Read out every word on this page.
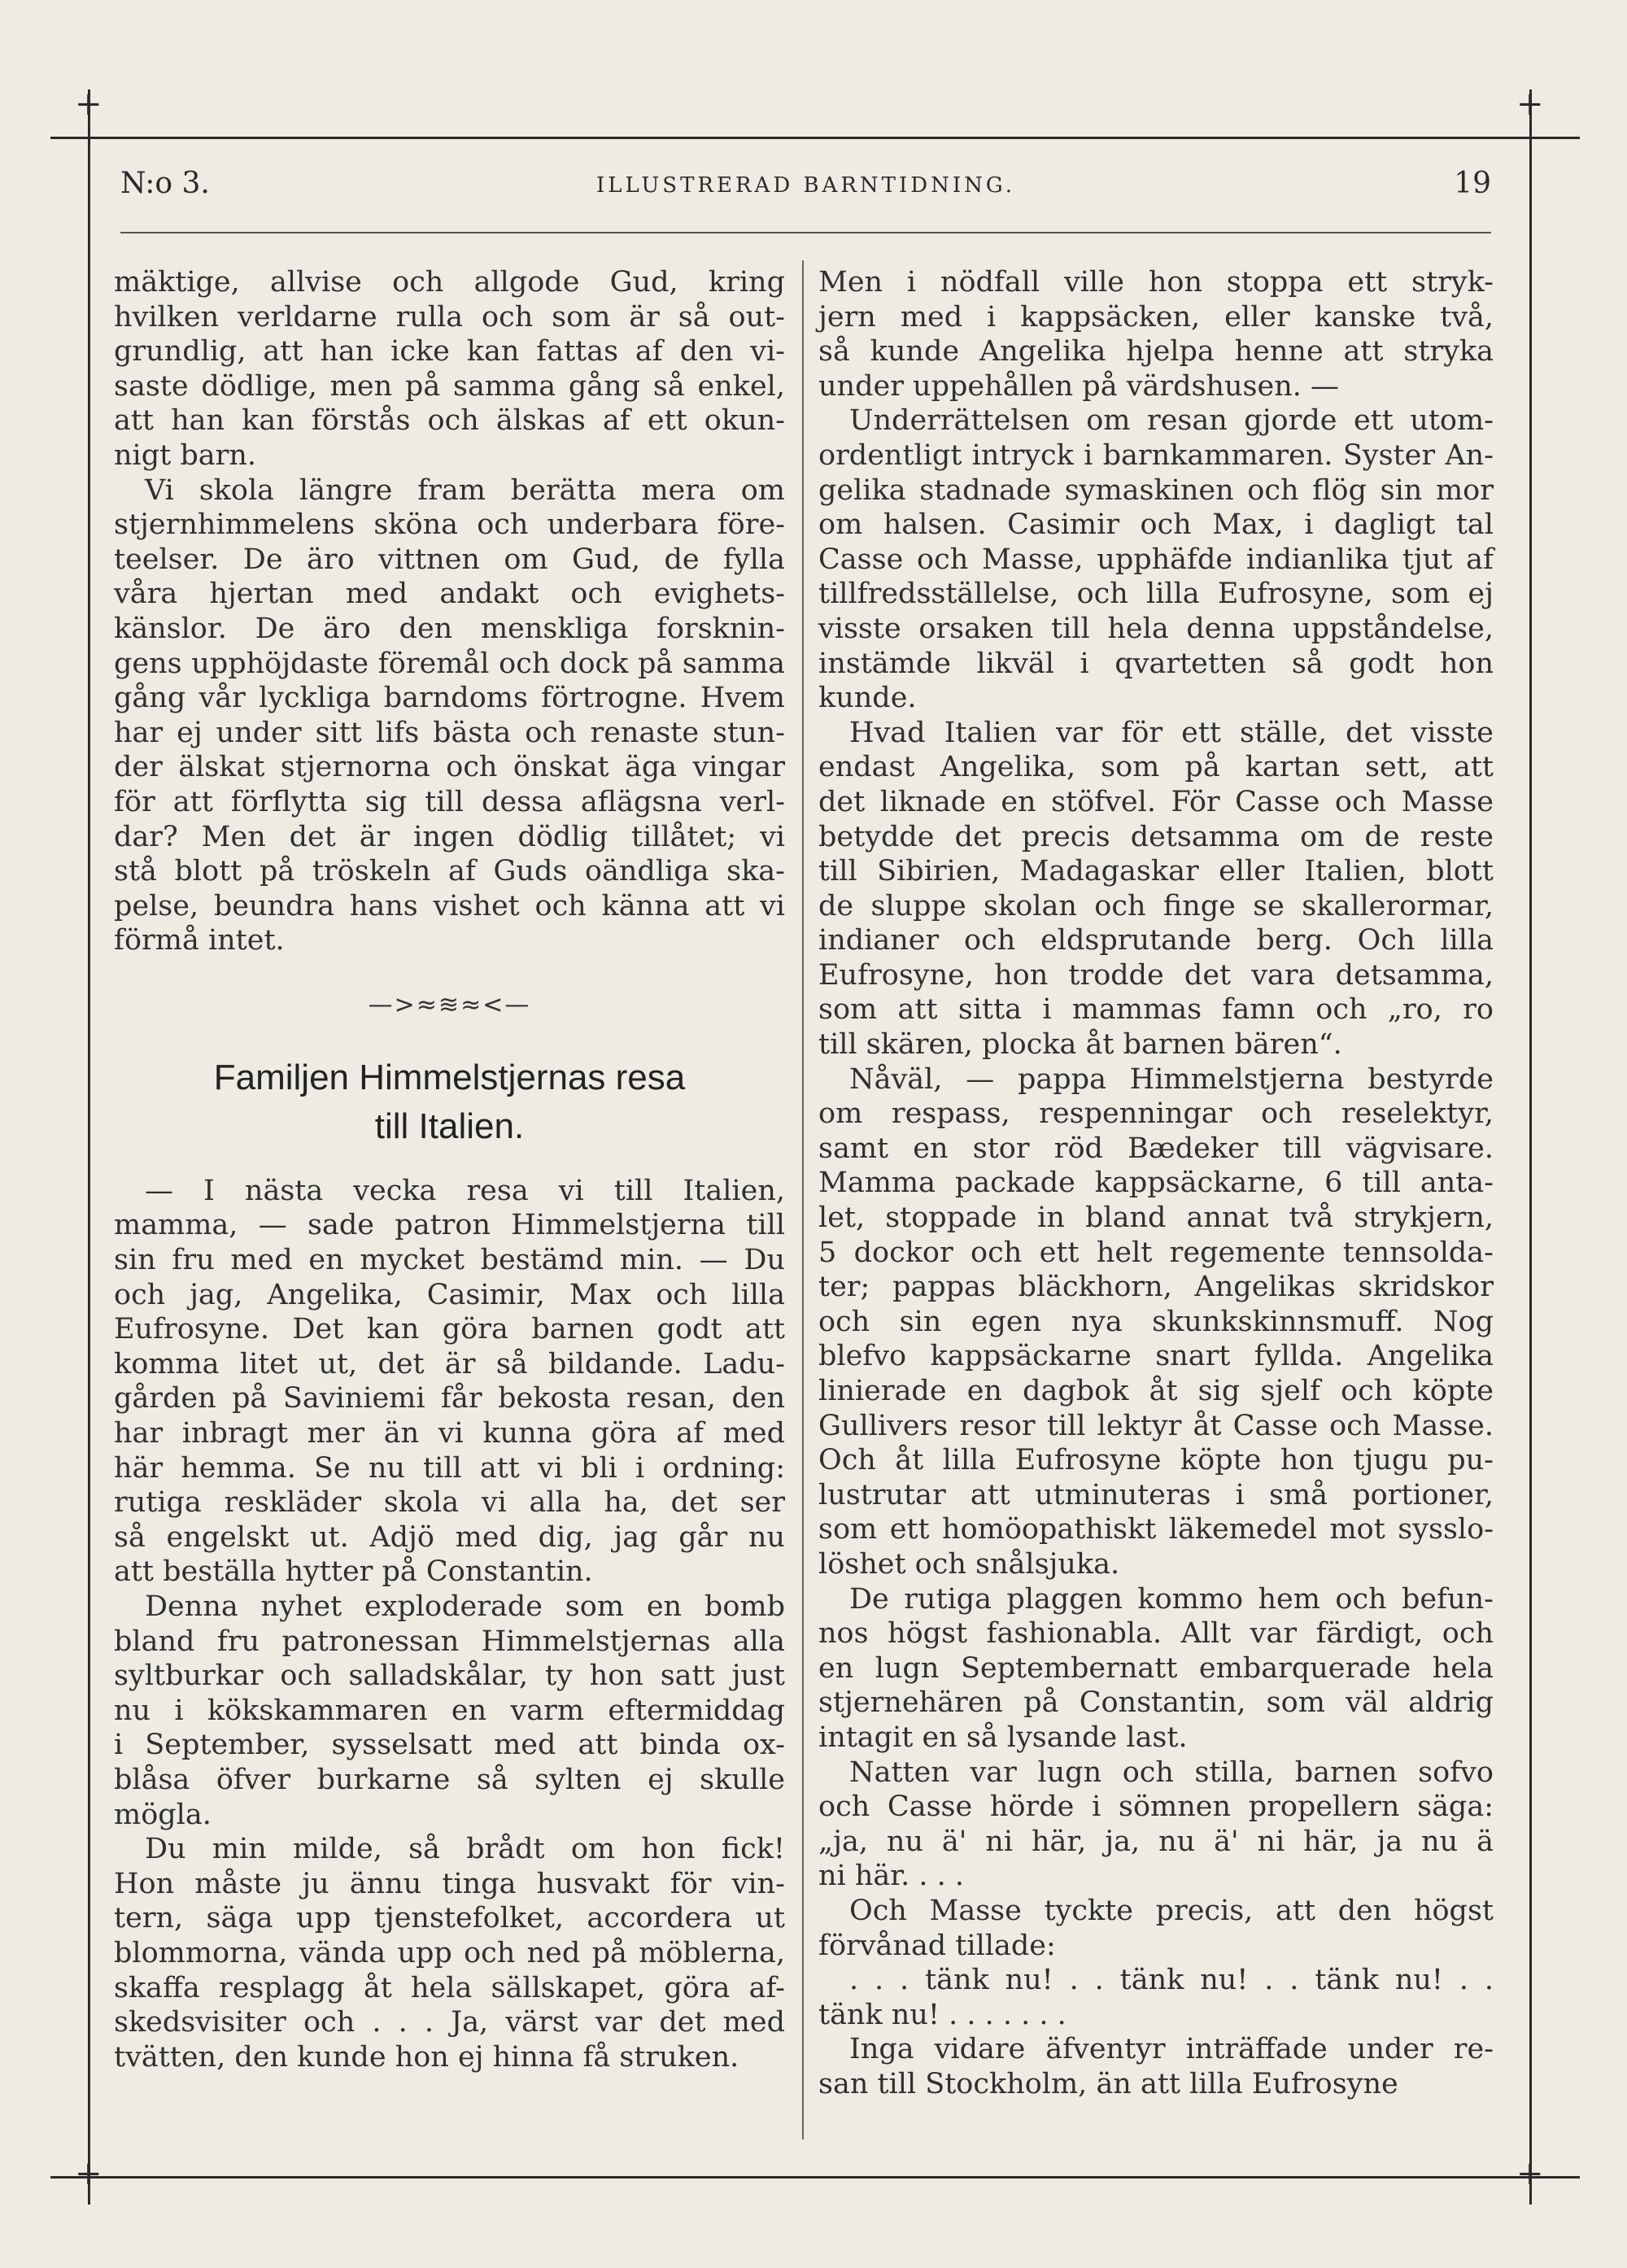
+	+
+	+
N:o 3.	ILLUSTRERAD BARNTIDNING.	19

mäktige, allvise och allgode Gud, kring

hvilken verldarne rulla och som är så out-

grundlig, att han icke kan fattas af den vi-

saste dödlige, men på samma gång så enkel,

att han kan förstås och älskas af ett okun-

nigt barn.

Vi skola längre fram berätta mera om

stjernhimmelens sköna och underbara före-

teelser. De äro vittnen om Gud, de fylla

våra hjertan med andakt och evighets-

känslor. De äro den menskliga forsknin-

gens upphöjdaste föremål och dock på samma

gång vår lyckliga barndoms förtrogne. Hvem

har ej under sitt lifs bästa och renaste stun-

der älskat stjernorna och önskat äga vingar

för att förflytta sig till dessa aflägsna verl-

dar? Men det är ingen dödlig tillåtet; vi

stå blott på tröskeln af Guds oändliga ska-

pelse, beundra hans vishet och känna att vi

förmå intet.

—>≈≋≈<—
Familjen Himmelstjernas resa
till Italien.

— I nästa vecka resa vi till Italien,

mamma, — sade patron Himmelstjerna till

sin fru med en mycket bestämd min. — Du

och jag, Angelika, Casimir, Max och lilla

Eufrosyne. Det kan göra barnen godt att

komma litet ut, det är så bildande. Ladu-

gården på Saviniemi får bekosta resan, den

har inbragt mer än vi kunna göra af med

här hemma. Se nu till att vi bli i ordning:

rutiga reskläder skola vi alla ha, det ser

så engelskt ut. Adjö med dig, jag går nu

att beställa hytter på Constantin.

Denna nyhet exploderade som en bomb

bland fru patronessan Himmelstjernas alla

syltburkar och salladskålar, ty hon satt just

nu i kökskammaren en varm eftermiddag

i September, sysselsatt med att binda ox-

blåsa öfver burkarne så sylten ej skulle

mögla.

Du min milde, så brådt om hon fick!

Hon måste ju ännu tinga husvakt för vin-

tern, säga upp tjenstefolket, accordera ut

blommorna, vända upp och ned på möblerna,

skaffa resplagg åt hela sällskapet, göra af-

skedsvisiter och . . . Ja, värst var det med

tvätten, den kunde hon ej hinna få struken.

Men i nödfall ville hon stoppa ett stryk-

jern med i kappsäcken, eller kanske två,

så kunde Angelika hjelpa henne att stryka

under uppehållen på värdshusen. —

Underrättelsen om resan gjorde ett utom-

ordentligt intryck i barnkammaren. Syster An-

gelika stadnade symaskinen och flög sin mor

om halsen. Casimir och Max, i dagligt tal

Casse och Masse, upphäfde indianlika tjut af

tillfredsställelse, och lilla Eufrosyne, som ej

visste orsaken till hela denna uppståndelse,

instämde likväl i qvartetten så godt hon kunde.

Hvad Italien var för ett ställe, det visste

endast Angelika, som på kartan sett, att

det liknade en stöfvel. För Casse och Masse

betydde det precis detsamma om de reste

till Sibirien, Madagaskar eller Italien, blott

de sluppe skolan och finge se skallerormar,

indianer och eldsprutande berg. Och lilla

Eufrosyne, hon trodde det vara detsamma,

som att sitta i mammas famn och „ro, ro

till skären, plocka åt barnen bären“.

Nåväl, — pappa Himmelstjerna bestyrde

om respass, respenningar och reselektyr,

samt en stor röd Bædeker till vägvisare.

Mamma packade kappsäckarne, 6 till anta-

let, stoppade in bland annat två strykjern,

5 dockor och ett helt regemente tennsolda-

ter; pappas bläckhorn, Angelikas skridskor

och sin egen nya skunkskinnsmuff. Nog

blefvo kappsäckarne snart fyllda. Angelika

linierade en dagbok åt sig sjelf och köpte

Gullivers resor till lektyr åt Casse och Masse.

Och åt lilla Eufrosyne köpte hon tjugu pu-

lustrutar att utminuteras i små portioner,

som ett homöopathiskt läkemedel mot sysslo-

löshet och snålsjuka.

De rutiga plaggen kommo hem och befun-

nos högst fashionabla. Allt var färdigt, och

en lugn Septembernatt embarquerade hela

stjernehären på Constantin, som väl aldrig

intagit en så lysande last.

Natten var lugn och stilla, barnen sofvo

och Casse hörde i sömnen propellern säga:

„ja, nu ä' ni här, ja, nu ä' ni här, ja nu ä

ni här. . . .

Och Masse tyckte precis, att den högst

förvånad tillade:

. . . tänk nu! . . tänk nu! . . tänk nu! . .

tänk nu! . . . . . . .

Inga vidare äfventyr inträffade under re-

san till Stockholm, än att lilla Eufrosyne
